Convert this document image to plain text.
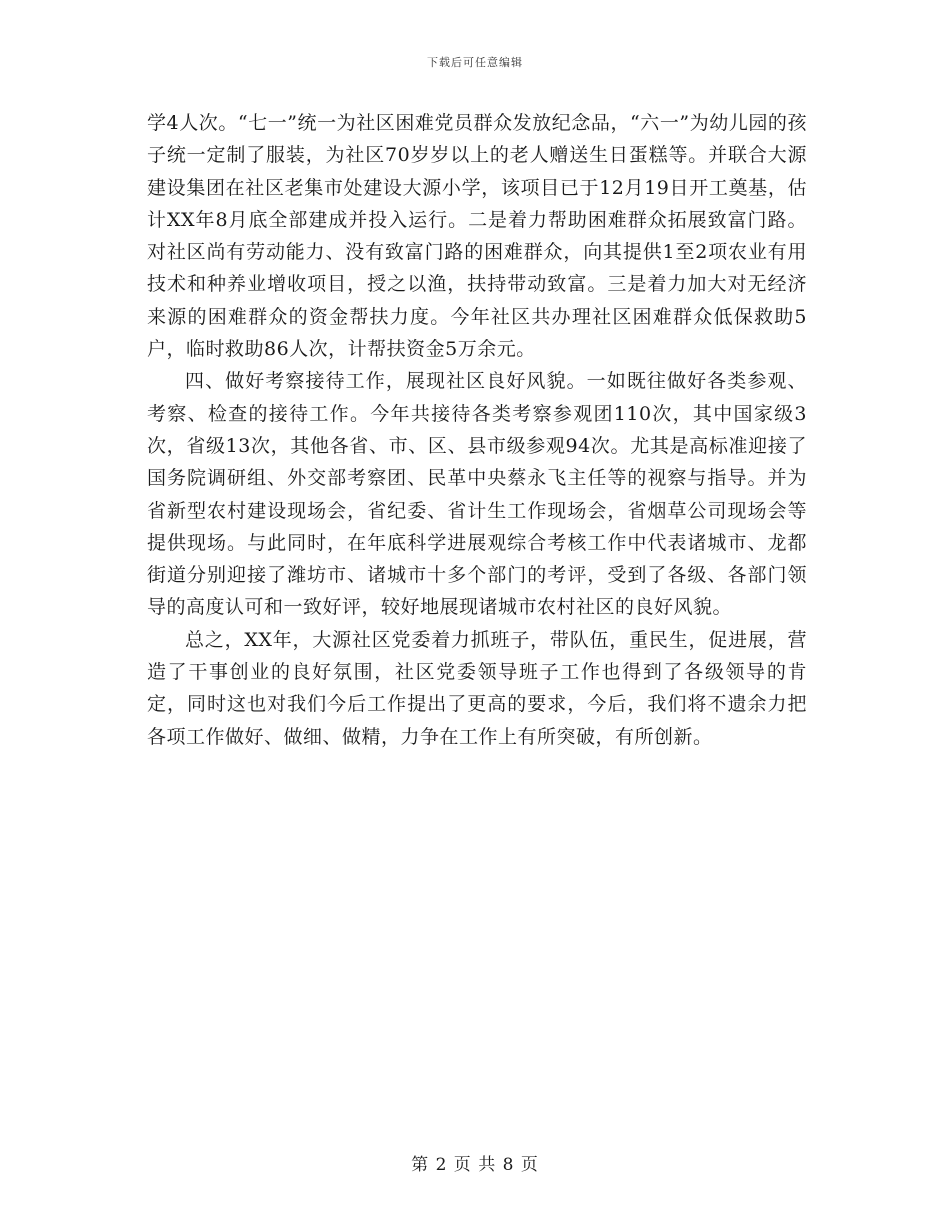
下载后可任意编辑

学4人次。“七一”统一为社区困难党员群众发放纪念品，“六一”为幼儿园的孩子统一定制了服装，为社区70岁岁以上的老人赠送生日蛋糕等。并联合大源建设集团在社区老集市处建设大源小学，该项目已于12月19日开工奠基，估计XX年8月底全部建成并投入运行。二是着力帮助困难群众拓展致富门路。对社区尚有劳动能力、没有致富门路的困难群众，向其提供1至2项农业有用技术和种养业增收项目，授之以渔，扶持带动致富。三是着力加大对无经济来源的困难群众的资金帮扶力度。今年社区共办理社区困难群众低保救助5户，临时救助86人次，计帮扶资金5万余元。

四、做好考察接待工作，展现社区良好风貌。一如既往做好各类参观、考察、检查的接待工作。今年共接待各类考察参观团110次，其中国家级3次，省级13次，其他各省、市、区、县市级参观94次。尤其是高标准迎接了国务院调研组、外交部考察团、民革中央蔡永飞主任等的视察与指导。并为省新型农村建设现场会，省纪委、省计生工作现场会，省烟草公司现场会等提供现场。与此同时，在年底科学进展观综合考核工作中代表诸城市、龙都街道分别迎接了潍坊市、诸城市十多个部门的考评，受到了各级、各部门领导的高度认可和一致好评，较好地展现诸城市农村社区的良好风貌。

总之，XX年，大源社区党委着力抓班子，带队伍，重民生，促进展，营造了干事创业的良好氛围，社区党委领导班子工作也得到了各级领导的肯定，同时这也对我们今后工作提出了更高的要求，今后，我们将不遗余力把各项工作做好、做细、做精，力争在工作上有所突破，有所创新。

第 2 页 共 8 页
